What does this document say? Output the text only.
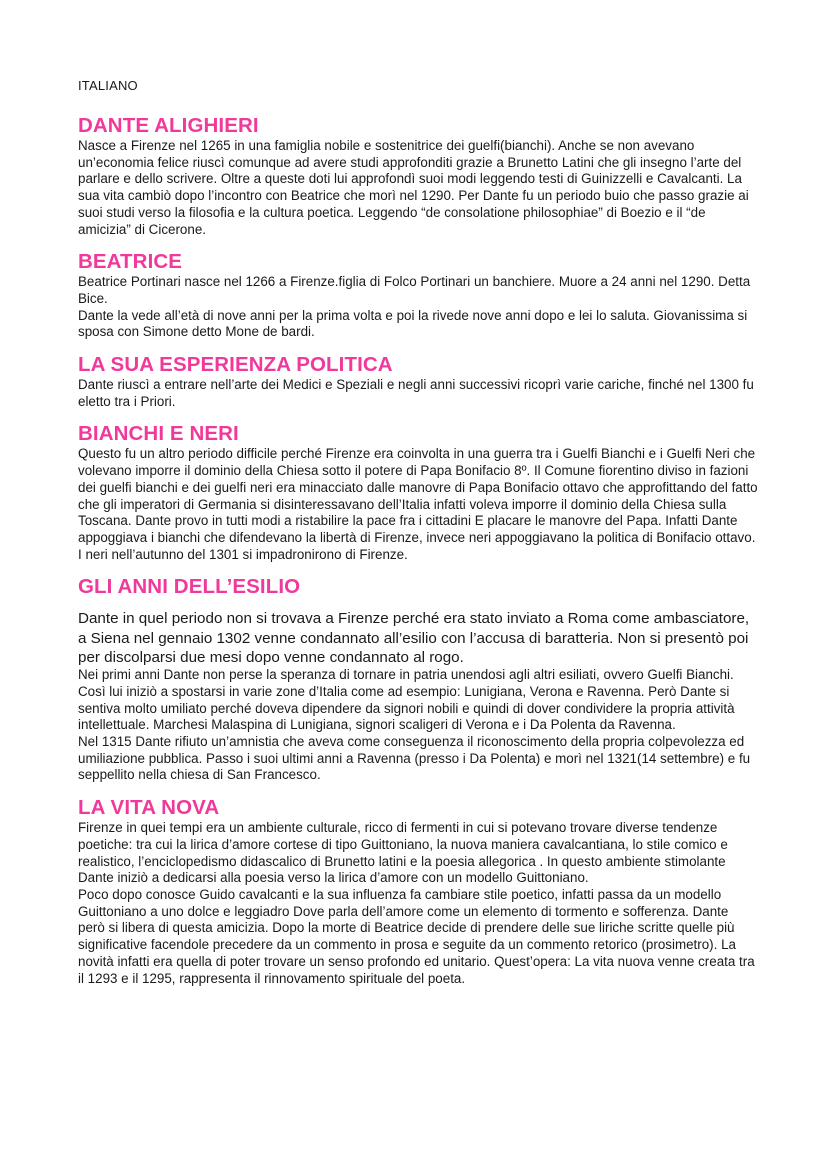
ITALIANO

DANTE ALIGHIERI

Nasce a Firenze nel 1265 in una famiglia nobile e sostenitrice dei guelfi(bianchi). Anche se non avevano un’economia felice riuscì comunque ad avere studi approfonditi grazie a Brunetto Latini che gli insegno l’arte del parlare e dello scrivere. Oltre a queste doti lui approfondì suoi modi leggendo testi di Guinizzelli e Cavalcanti. La sua vita cambiò dopo l’incontro con Beatrice che morì nel 1290. Per Dante fu un periodo buio che passo grazie ai suoi studi verso la filosofia e la cultura poetica. Leggendo “de consolatione philosophiae” di Boezio e il “de amicizia” di Cicerone.

BEATRICE

Beatrice Portinari nasce nel 1266 a Firenze.figlia di Folco Portinari un banchiere. Muore a 24 anni nel 1290. Detta Bice.

Dante la vede all’età di nove anni per la prima volta e poi la rivede nove anni dopo e lei lo saluta. Giovanissima si sposa con Simone detto Mone de bardi.

LA SUA ESPERIENZA POLITICA

Dante riuscì a entrare nell’arte dei Medici e Speziali e negli anni successivi ricoprì varie cariche, finché nel 1300 fu eletto tra i Priori.

BIANCHI E NERI

Questo fu un altro periodo difficile perché Firenze era coinvolta in una guerra tra i Guelfi Bianchi e i Guelfi Neri che volevano imporre il dominio della Chiesa sotto il potere di Papa Bonifacio 8º. Il Comune fiorentino diviso in fazioni dei guelfi bianchi e dei guelfi neri era minacciato dalle manovre di Papa Bonifacio ottavo che approfittando del fatto che gli imperatori di Germania si disinteressavano dell’Italia infatti voleva imporre il dominio della Chiesa sulla Toscana. Dante provo in tutti modi a ristabilire la pace fra i cittadini E placare le manovre del Papa. Infatti Dante appoggiava i bianchi che difendevano la libertà di Firenze, invece neri appoggiavano la politica di Bonifacio ottavo. I neri nell’autunno del 1301 si impadronirono di Firenze.

GLI ANNI DELL’ESILIO

Dante in quel periodo non si trovava a Firenze perché era stato inviato a Roma come ambasciatore, a Siena nel gennaio 1302 venne condannato all’esilio con l’accusa di baratteria. Non si presentò poi per discolparsi due mesi dopo venne condannato al rogo.

Nei primi anni Dante non perse la speranza di tornare in patria unendosi agli altri esiliati, ovvero Guelfi Bianchi. Così lui iniziò a spostarsi in varie zone d’Italia come ad esempio: Lunigiana, Verona e Ravenna. Però Dante si sentiva molto umiliato perché doveva dipendere da signori nobili e quindi di dover condividere la propria attività intellettuale. Marchesi Malaspina di Lunigiana, signori scaligeri di Verona e i Da Polenta da Ravenna.

Nel 1315 Dante rifiuto un’amnistia che aveva come conseguenza il riconoscimento della propria colpevolezza ed umiliazione pubblica. Passo i suoi ultimi anni a Ravenna (presso i Da Polenta) e morì nel 1321(14 settembre) e fu seppellito nella chiesa di San Francesco.

LA VITA NOVA

Firenze in quei tempi era un ambiente culturale, ricco di fermenti in cui si potevano trovare diverse tendenze poetiche: tra cui la lirica d’amore cortese di tipo Guittoniano, la nuova maniera cavalcantiana, lo stile comico e realistico, l’enciclopedismo didascalico di Brunetto latini e la poesia allegorica . In questo ambiente stimolante Dante iniziò a dedicarsi alla poesia verso la lirica d’amore con un modello Guittoniano.

Poco dopo conosce Guido cavalcanti e la sua influenza fa cambiare stile poetico, infatti passa da un modello Guittoniano a uno dolce e leggiadro Dove parla dell’amore come un elemento di tormento e sofferenza. Dante però si libera di questa amicizia. Dopo la morte di Beatrice decide di prendere delle sue liriche scritte quelle più significative facendole precedere da un commento in prosa e seguite da un commento retorico (prosimetro). La novità infatti era quella di poter trovare un senso profondo ed unitario. Quest’opera: La vita nuova venne creata tra il 1293 e il 1295, rappresenta il rinnovamento spirituale del poeta.
